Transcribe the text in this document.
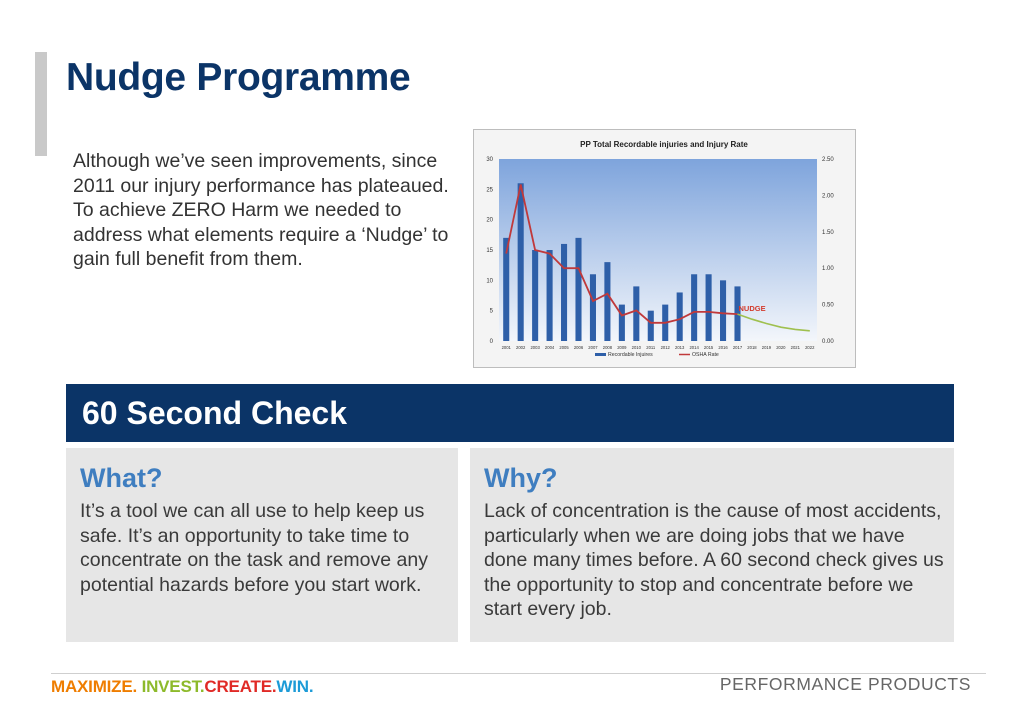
Nudge Programme
Although we’ve seen improvements, since 2011 our injury performance has plateaued. To achieve ZERO Harm we needed to address what elements require a ‘Nudge’ to gain full benefit from them.
PP Total Recordable injuries and Injury Rate
0
5
10
15
20
25
30
0.00
0.50
1.00
1.50
2.00
2.50
2001 2002 2003 2004 2005 2006 2007 2008 2009 2010 2011 2012 2013 2014 2015 2016 2017 2018 2019 2020 2021 2022
NUDGE
Recordable Injuires	OSHA Rate
60 Second Check
What?

It’s a tool we can all use to help keep us safe. It’s an opportunity to take time to concentrate on the task and remove any potential hazards before you start work.

Why?

Lack of concentration is the cause of most accidents, particularly when we are doing jobs that we have done many times before. A 60 second check gives us the opportunity to stop and concentrate before we start every job.

MAXIMIZE. INVEST.CREATE.WIN.	PERFORMANCE PRODUCTS
